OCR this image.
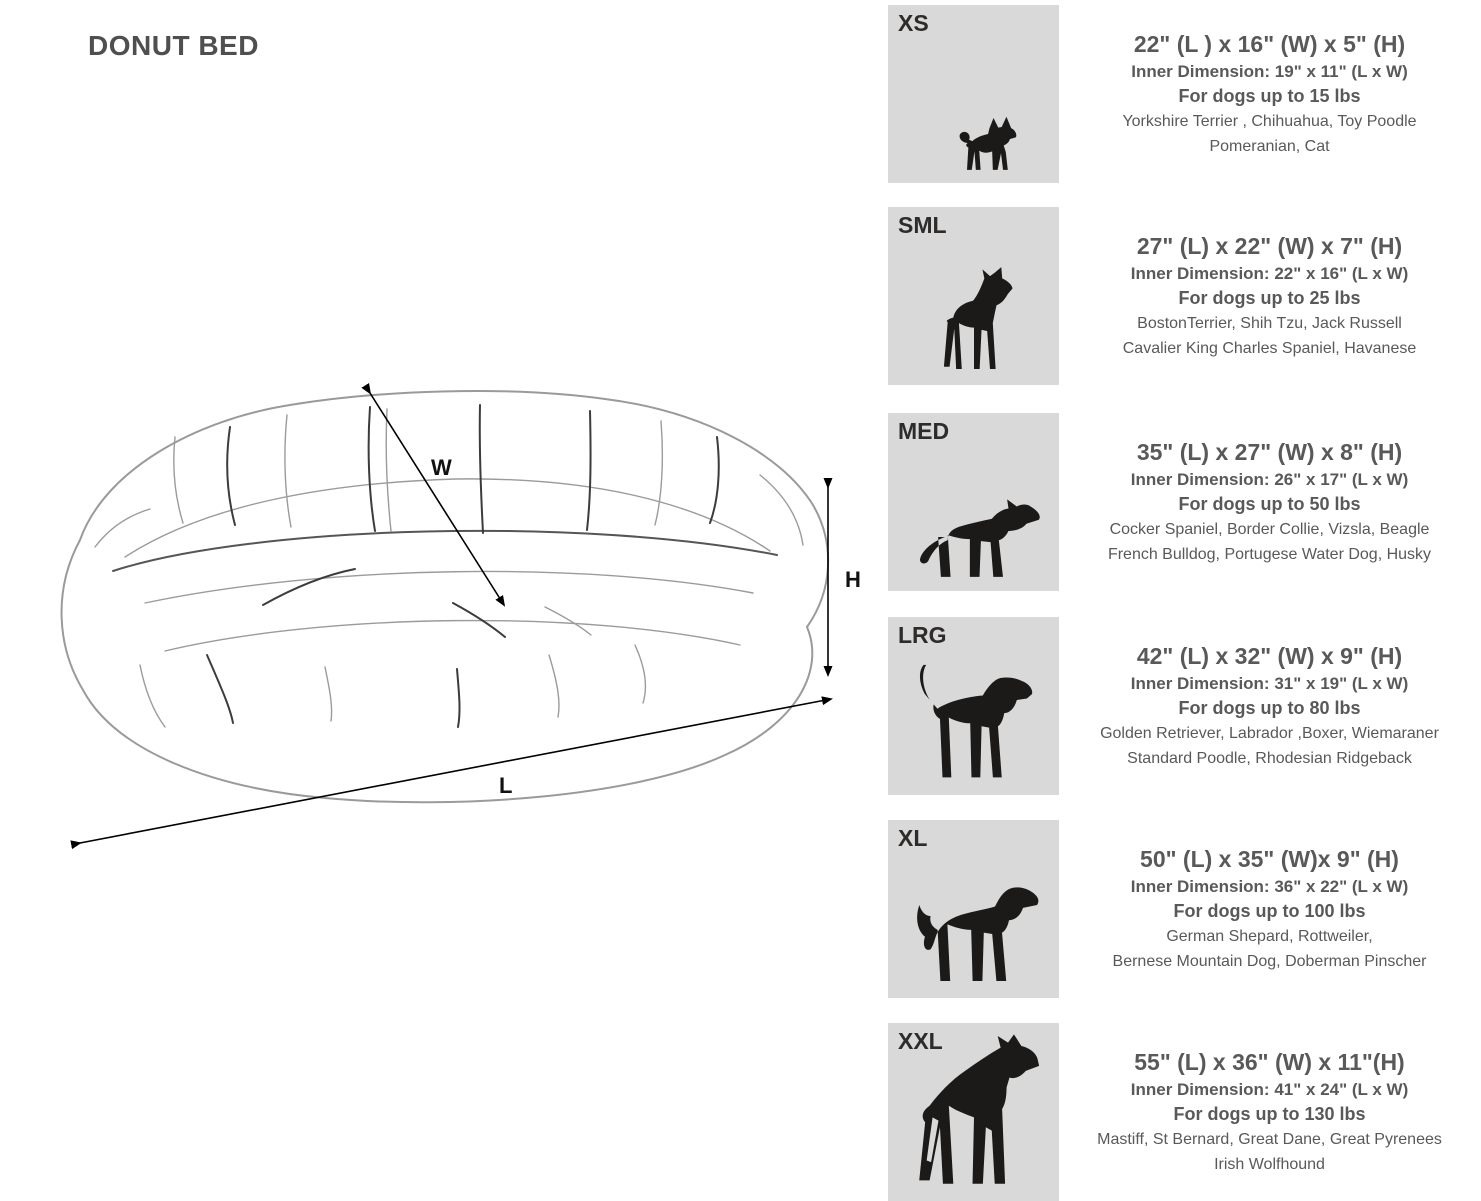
DONUT BED
W
H
L
XS
22" (L ) x 16" (W) x 5" (H)
Inner Dimension: 19" x 11" (L x W)
For dogs up to 15 lbs
Yorkshire Terrier , Chihuahua, Toy Poodle
Pomeranian, Cat
SML
27" (L) x 22" (W) x 7" (H)
Inner Dimension: 22" x 16" (L x W)
For dogs up to 25 lbs
BostonTerrier, Shih Tzu, Jack Russell
Cavalier King Charles Spaniel, Havanese
MED
35" (L) x 27" (W) x 8" (H)
Inner Dimension: 26" x 17" (L x W)
For dogs up to 50 lbs
Cocker Spaniel, Border Collie, Vizsla, Beagle
French Bulldog, Portugese Water Dog, Husky
LRG
42" (L) x 32" (W) x 9" (H)
Inner Dimension: 31" x 19" (L x W)
For dogs up to 80 lbs
Golden Retriever, Labrador ,Boxer, Wiemaraner
Standard Poodle, Rhodesian Ridgeback
XL
50" (L) x 35" (W)x 9" (H)
Inner Dimension: 36" x 22" (L x W)
For dogs up to 100 lbs
German Shepard, Rottweiler,
Bernese Mountain Dog, Doberman Pinscher
XXL
55" (L) x 36" (W) x 11"(H)
Inner Dimension: 41" x 24" (L x W)
For dogs up to 130 lbs
Mastiff, St Bernard, Great Dane, Great Pyrenees
Irish Wolfhound
